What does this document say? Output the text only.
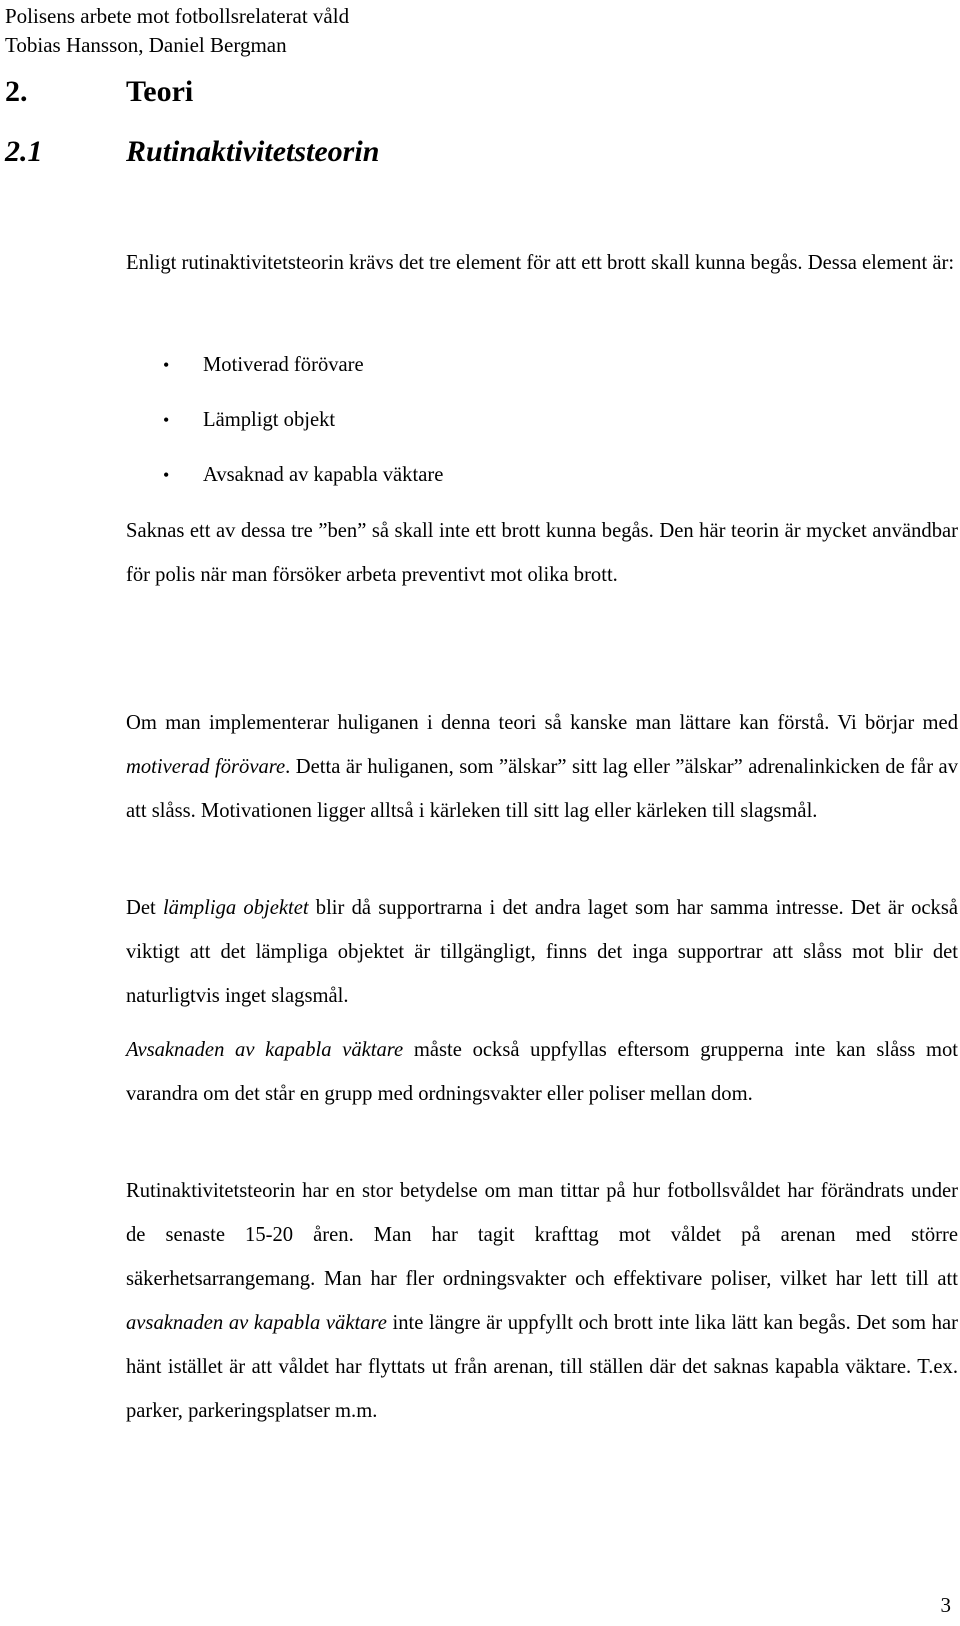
Polisens arbete mot fotbollsrelaterat våld
Tobias Hansson, Daniel Bergman
2.	Teori
2.1	Rutinaktivitetsteorin

Enligt rutinaktivitetsteorin krävs det tre element för att ett brott skall kunna begås. Dessa element är:

• Motiverad förövare
• Lämpligt objekt
• Avsaknad av kapabla väktare

Saknas ett av dessa tre ”ben” så skall inte ett brott kunna begås. Den här teorin är mycket användbar för polis när man försöker arbeta preventivt mot olika brott.

Om man implementerar huliganen i denna teori så kanske man lättare kan förstå. Vi börjar med motiverad förövare. Detta är huliganen, som ”älskar” sitt lag eller ”älskar” adrenalinkicken de får av att slåss. Motivationen ligger alltså i kärleken till sitt lag eller kärleken till slagsmål.

Det lämpliga objektet blir då supportrarna i det andra laget som har samma intresse. Det är också viktigt att det lämpliga objektet är tillgängligt, finns det inga supportrar att slåss mot blir det naturligtvis inget slagsmål.

Avsaknaden av kapabla väktare måste också uppfyllas eftersom grupperna inte kan slåss mot varandra om det står en grupp med ordningsvakter eller poliser mellan dom.

Rutinaktivitetsteorin har en stor betydelse om man tittar på hur fotbollsvåldet har förändrats under de senaste 15-20 åren. Man har tagit krafttag mot våldet på arenan med större säkerhetsarrangemang. Man har fler ordningsvakter och effektivare poliser, vilket har lett till att avsaknaden av kapabla väktare inte längre är uppfyllt och brott inte lika lätt kan begås. Det som har hänt istället är att våldet har flyttats ut från arenan, till ställen där det saknas kapabla väktare. T.ex. parker, parkeringsplatser m.m.

3
